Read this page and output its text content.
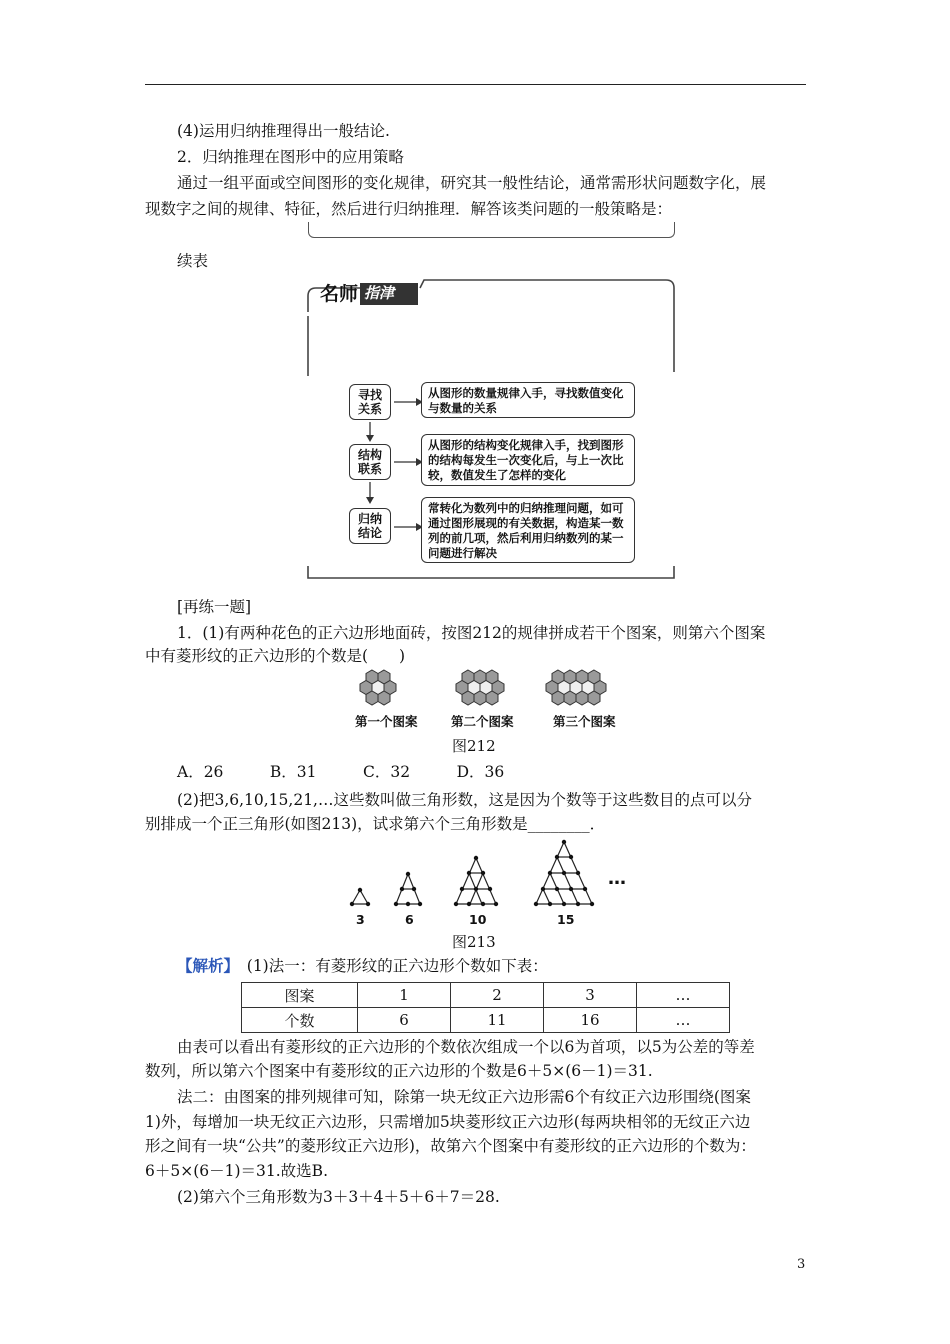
(4)运用归纳推理得出一般结论.
2．归纳推理在图形中的应用策略
通过一组平面或空间图形的变化规律，研究其一般性结论，通常需形状问题数字化，展
现数字之间的规律、特征，然后进行归纳推理．解答该类问题的一般策略是：
续表
名师 指津
寻找
关系
结构
联系
归纳
结论
从图形的数量规律入手，寻找数值变化与数量的关系
从图形的结构变化规律入手，找到图形的结构每发生一次变化后，与上一次比较，数值发生了怎样的变化
常转化为数列中的归纳推理问题，如可通过图形展现的有关数据，构造某一数列的前几项，然后利用归纳数列的某一问题进行解决
[再练一题]
1．(1)有两种花色的正六边形地面砖，按图212的规律拼成若干个图案，则第六个图案
中有菱形纹的正六边形的个数是(　　)
第一个图案	第二个图案	第三个图案
图212
A．26　　　B．31　　　C．32　　　D．36
(2)把3,6,10,15,21,…这些数叫做三角形数，这是因为个数等于这些数目的点可以分
别排成一个正三角形(如图213)，试求第六个三角形数是________．
3	6	10	15
…
图213
【解析】　(1)法一：有菱形纹的正六边形个数如下表：
图案	1	2	3	…
个数	6	11	16	…
由表可以看出有菱形纹的正六边形的个数依次组成一个以6为首项，以5为公差的等差
数列，所以第六个图案中有菱形纹的正六边形的个数是6＋5×(6－1)＝31.
法二：由图案的排列规律可知，除第一块无纹正六边形需6个有纹正六边形围绕(图案
1)外，每增加一块无纹正六边形，只需增加5块菱形纹正六边形(每两块相邻的无纹正六边
形之间有一块“公共”的菱形纹正六边形)，故第六个图案中有菱形纹的正六边形的个数为：
6＋5×(6－1)＝31.故选B.
(2)第六个三角形数为3＋3＋4＋5＋6＋7＝28.
3
